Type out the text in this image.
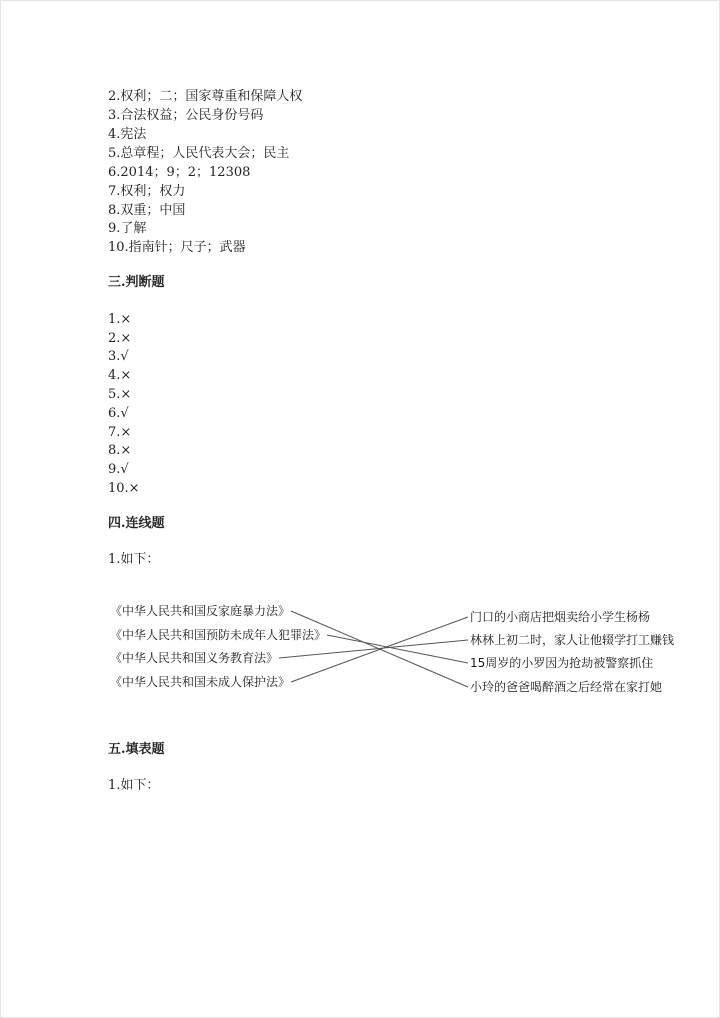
2.权利；二；国家尊重和保障人权
3.合法权益；公民身份号码
4.宪法
5.总章程；人民代表大会；民主
6.2014；9；2；12308
7.权利；权力
8.双重；中国
9.了解
10.指南针；尺子；武器
三.判断题
1.×
2.×
3.√
4.×
5.×
6.√
7.×
8.×
9.√
10.×
四.连线题
1.如下：
《中华人民共和国反家庭暴力法》
《中华人民共和国预防未成年人犯罪法》
《中华人民共和国义务教育法》
《中华人民共和国未成人保护法》
门口的小商店把烟卖给小学生杨杨
林林上初二时，家人让他辍学打工赚钱
15周岁的小罗因为抢劫被警察抓住
小玲的爸爸喝醉酒之后经常在家打她
五.填表题
1.如下：
